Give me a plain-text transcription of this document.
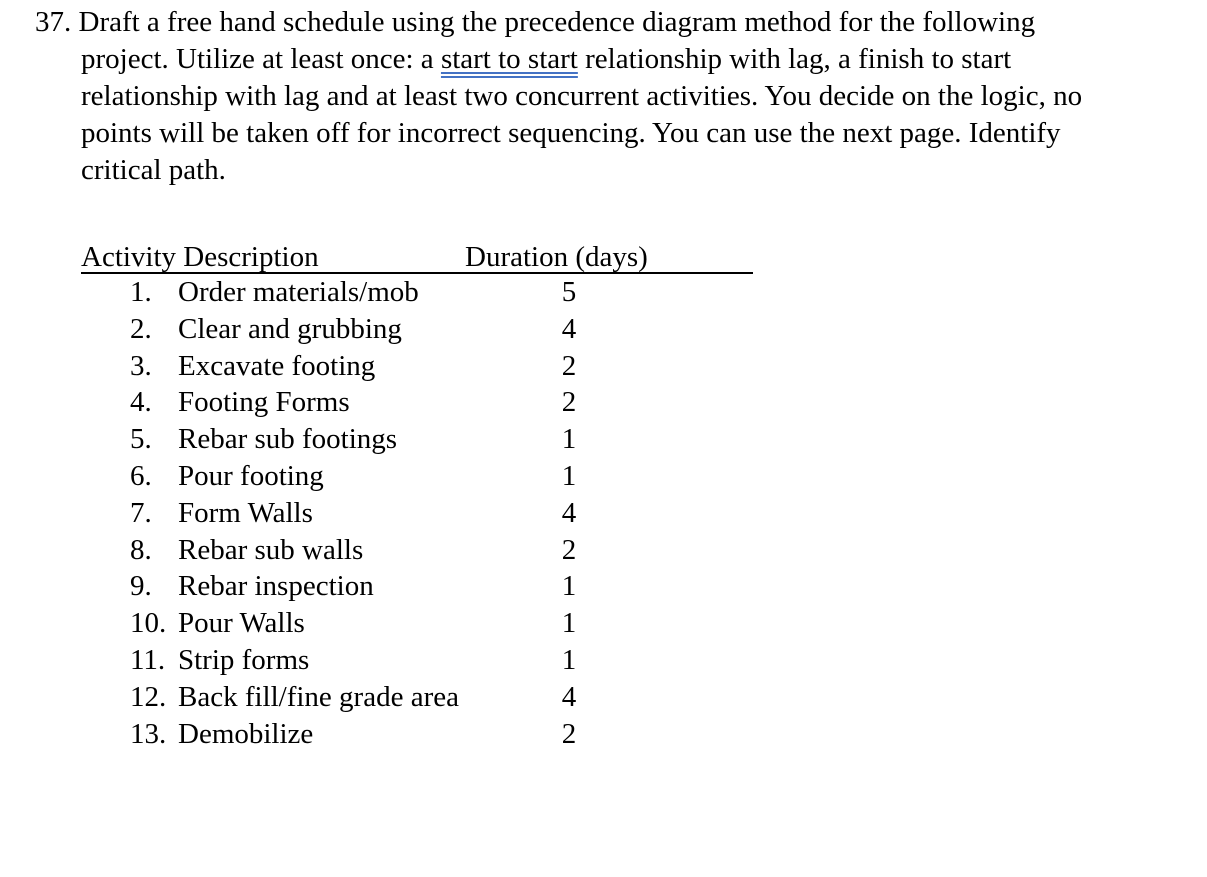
37. Draft a free hand schedule using the precedence diagram method for the following
project. Utilize at least once: a start to start relationship with lag, a finish to start
relationship with lag and at least two concurrent activities. You decide on the logic, no
points will be taken off for incorrect sequencing. You can use the next page. Identify
critical path.
Activity Description	Duration (days)
1. Order materials/mob	5
2. Clear and grubbing	4
3. Excavate footing	2
4. Footing Forms	2
5. Rebar sub footings	1
6. Pour footing	1
7. Form Walls	4
8. Rebar sub walls	2
9. Rebar inspection	1
10. Pour Walls	1
11. Strip forms	1
12. Back fill/fine grade area	4
13. Demobilize	2
